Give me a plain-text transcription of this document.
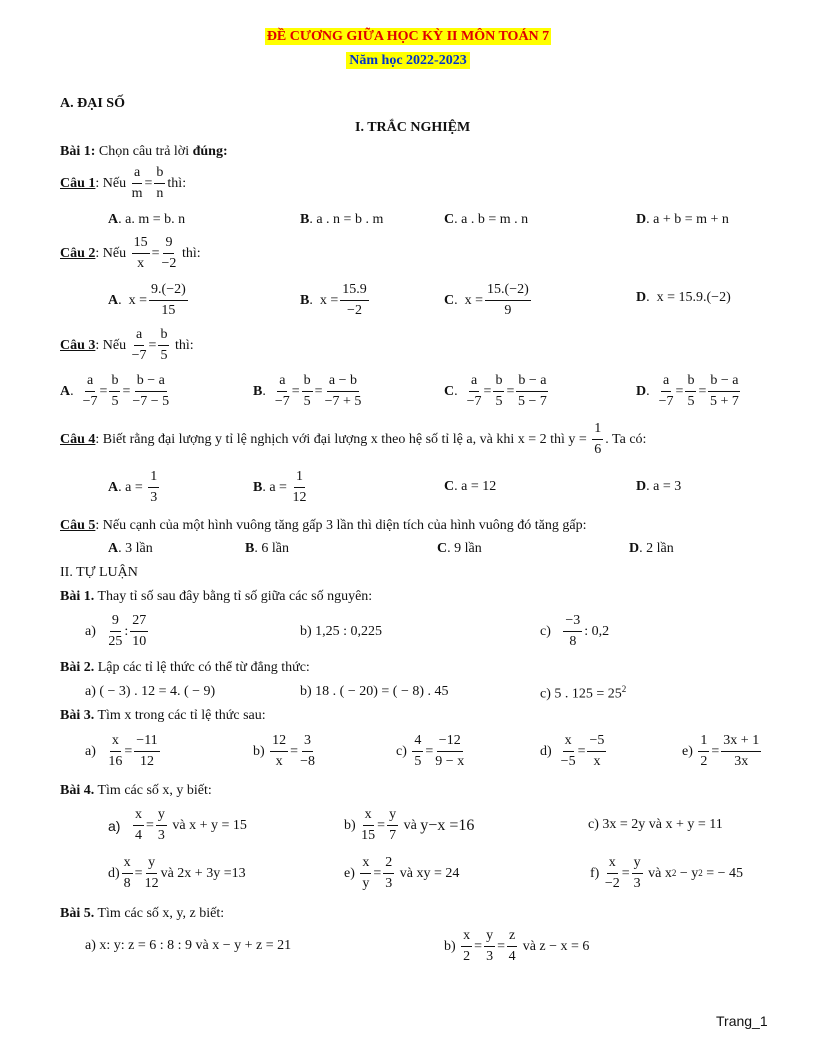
ĐỀ CƯƠNG GIỮA HỌC KỲ II MÔN TOÁN 7
Năm học 2022-2023
A. ĐẠI SỐ
I. TRẮC NGHIỆM
Bài 1: Chọn câu trả lời đúng:
Câu 1 : Nếu
$\frac{a}{m} = \frac{b}{n}$ thì:
A. a. m = b. n	B. a . n = b . m	C. a . b = m . n	D. a + b = m + n
Câu 2 : Nếu
$\frac{15}{x} = \frac{9}{-2}$
thì:
A . $x = \frac{9.(-2)}{15}$	B . $x = \frac{15.9}{-2}$	C . $x = \frac{15.(-2)}{9}$	D.  x = 15.9.(−2)
Câu 3 : Nếu
$\frac{a}{-7} = \frac{b}{5}$
thì:
A . $\frac{a}{-7} = \frac{b}{5} = \frac{b - a}{-7 - 5}$	B . $\frac{a}{-7} = \frac{b}{5} = \frac{a - b}{-7 + 5}$	C . $\frac{a}{-7} = \frac{b}{5} = \frac{b - a}{5 - 7}$	D . $\frac{a}{-7} = \frac{b}{5} = \frac{b - a}{5 + 7}$
Câu 4 : Biết rằng đại lượng y tỉ lệ nghịch với đại lượng x theo hệ số tỉ lệ a, và khi x = 2 thì y =
$\frac{1}{6}$ . Ta có:
A . a =
$\frac{1}{3}$	B . a =
$\frac{1}{12}$	C. a = 12	D. a = 3
Câu 5: Nếu cạnh của một hình vuông tăng gấp 3 lần thì diện tích của hình vuông đó tăng gấp:
A. 3 lần	B. 6 lần	C. 9 lần	D. 2 lần
II. TỰ LUẬN
Bài 1. Thay tỉ số sau đây bằng tỉ số giữa các số nguyên:
a)
$\frac{9}{25}$ : $\frac{27}{10}$	b) 1,25 : 0,225	c)
$\frac{-3}{8}$ : 0,2
Bài 2. Lập các tỉ lệ thức có thể từ đẳng thức:
a) ( − 3) . 12 = 4. ( − 9)	b) 18 . ( − 20) = ( − 8) . 45	c) 5 . $125 = 25^2$
Bài 3. Tìm x trong các tỉ lệ thức sau:
a)
$\frac{x}{16} = \frac{-11}{12}$	b)
$\frac{12}{x} = \frac{3}{-8}$	c)
$\frac{4}{5} = \frac{-12}{9 - x}$	d)
$\frac{x}{-5} = \frac{-5}{x}$	e)
$\frac{1}{2} = \frac{3x + 1}{3x}$
Bài 4. Tìm các số x, y biết:
a)
$\frac{x}{4} = \frac{y}{3}$
và x + y = 15	b)
$\frac{x}{15} = \frac{y}{7}$
và
y−x =16	c) 3x = 2y và x + y = 11
$d) \frac{x}{8} = \frac{y}{12}$ và 2x + 3y =13	e)
$\frac{x}{y} = \frac{2}{3}$
và xy = 24	f)
$\frac{x}{-2} = \frac{y}{3}$
và x 2 − y 2 = − 45
Bài 5. Tìm các số x, y, z biết:
a) x: y: z = 6 : 8 : 9 và x − y + z = 21	b)
$\frac{x}{2} = \frac{y}{3} = \frac{z}{4}$
và z − x = 6
Trang_1
